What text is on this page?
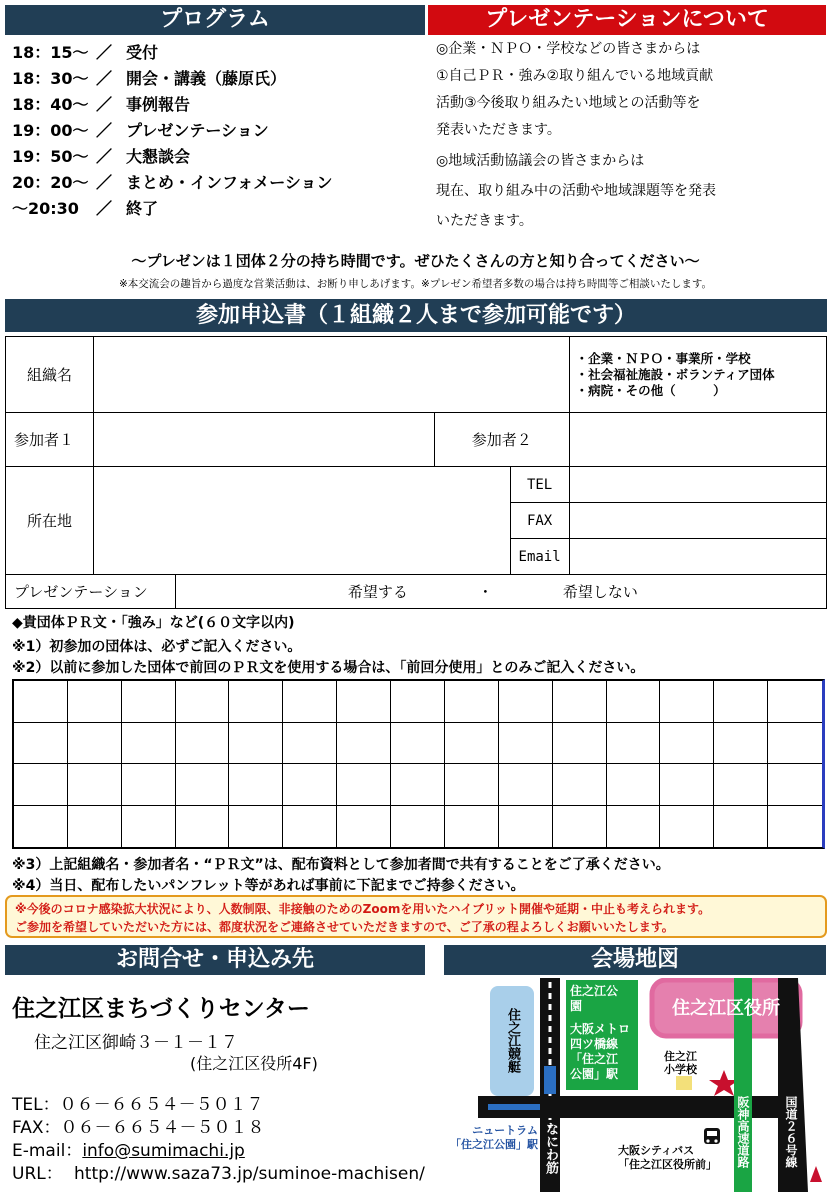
プログラム	プレゼンテーションについて
18：15～ ／ 受付
18：30～ ／ 開会・講義（藤原氏）
18：40～ ／ 事例報告
19：00～ ／ プレゼンテーション
19：50～ ／ 大懇談会
20：20～ ／ まとめ・インフォメーション
～20:30 ／ 終了
◎企業・ＮＰＯ・学校などの皆さまからは
①自己ＰＲ・強み②取り組んでいる地域貢献
活動③今後取り組みたい地域との活動等を
発表いただきます。
◎地域活動協議会の皆さまからは
現在、取り組み中の活動や地域課題等を発表
いただきます。
～プレゼンは１団体２分の持ち時間です。ぜひたくさんの方と知り合ってください～
※本交流会の趣旨から過度な営業活動は、お断り申しあげます。※プレゼン希望者多数の場合は持ち時間等ご相談いたします。
参加申込書（１組織２人まで参加可能です）
組織名					・企業・ＮＰＯ・事業所・学校
・社会福祉施設・ボランティア団体
・病院・その他（　　　）

参加者１			参加者２		
所在地				TEL	
				FAX	
				Email	
プレゼンテーション		希望する ・ 希望しない			
◆貴団体ＰＲ文・「強み」など(６０文字以内)
※1）初参加の団体は、必ずご記入ください。
※2）以前に参加した団体で前回のＰＲ文を使用する場合は、「前回分使用」とのみご記入ください。
※3）上記組織名・参加者名・“ＰＲ文”は、配布資料として参加者間で共有することをご了承ください。
※4）当日、配布したいパンフレット等があれば事前に下記までご持参ください。
※今後のコロナ感染拡大状況により、人数制限、非接触のためのZoomを用いたハイブリット開催や延期・中止も考えられます。
ご参加を希望していただいた方には、都度状況をご連絡させていただきますので、ご了承の程よろしくお願いいたします。
お問合せ・申込み先	会場地図
住之江区まちづくりセンター
住之江区御崎３－１－１７
(住之江区役所4F)
TEL：０６－６６５４－５０１７
FAX：０６－６６５４－５０１８
E-mail：info@sumimachi.jp
URL： http://www.saza73.jp/suminoe-machisen/
住之江競艇
住之江公園
大阪メトロ
四ツ橋線
「住之江
公園」駅
住之江区役所
住之江
小学校
阪神高速道路	国道２６号線
なにわ筋
ニュートラム
「住之江公園」駅	大阪シティバス
「住之江区役所前」
